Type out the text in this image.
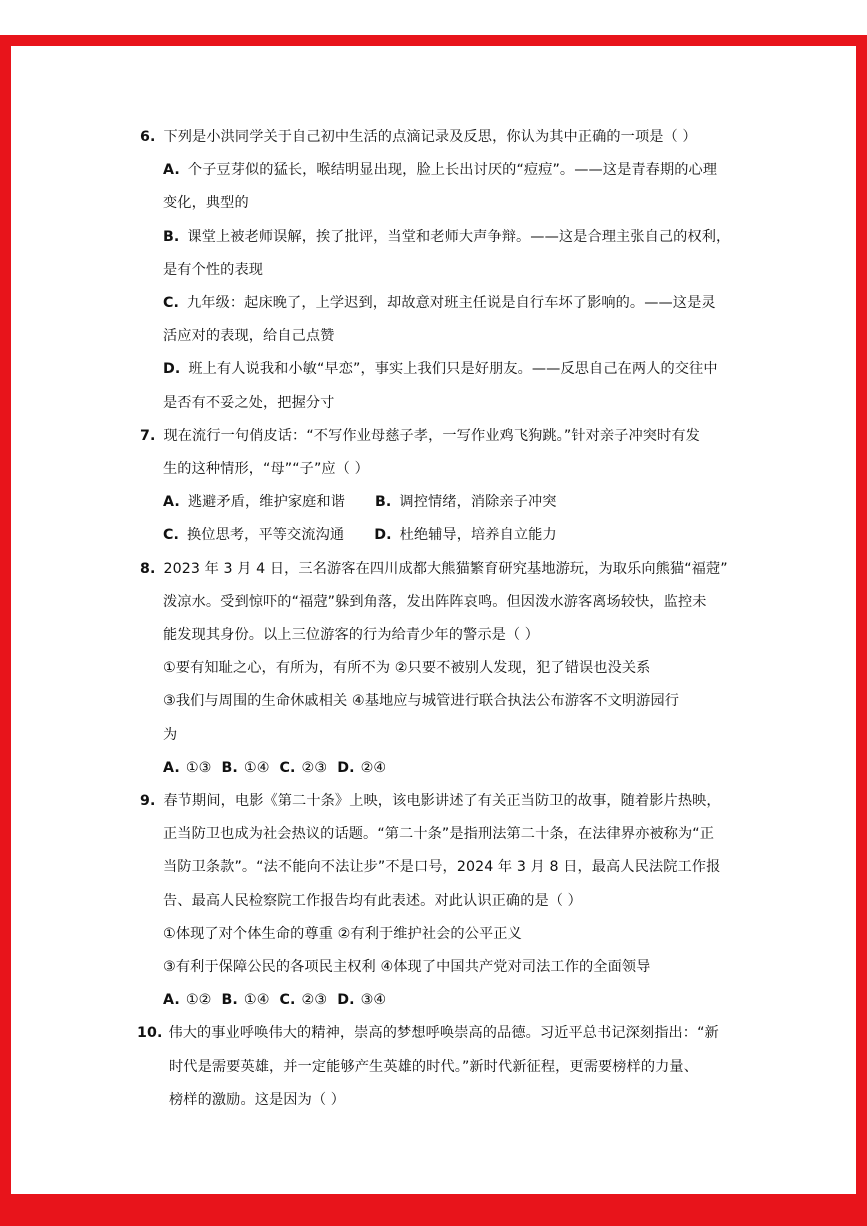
6. 下列是小洪同学关于自己初中生活的点滴记录及反思，你认为其中正确的一项是（ ）
A. 个子豆芽似的猛长，喉结明显出现，脸上长出讨厌的“痘痘”。——这是青春期的心理
变化，典型的
B. 课堂上被老师误解，挨了批评，当堂和老师大声争辩。——这是合理主张自己的权利，
是有个性的表现
C. 九年级：起床晚了，上学迟到，却故意对班主任说是自行车坏了影响的。——这是灵
活应对的表现，给自己点赞
D. 班上有人说我和小敏“早恋”，事实上我们只是好朋友。——反思自己在两人的交往中
是否有不妥之处，把握分寸
7. 现在流行一句俏皮话：“不写作业母慈子孝，一写作业鸡飞狗跳。”针对亲子冲突时有发
生的这种情形，“母”“子”应（ ）
A. 逃避矛盾，维护家庭和谐 B. 调控情绪，消除亲子冲突
C. 换位思考，平等交流沟通 D. 杜绝辅导，培养自立能力
8. 2023 年 3 月 4 日，三名游客在四川成都大熊猫繁育研究基地游玩，为取乐向熊猫“福蒄”
泼凉水。受到惊吓的“福蒄”躲到角落，发出阵阵哀鸣。但因泼水游客离场较快，监控未
能发现其身份。以上三位游客的行为给青少年的警示是（ ）
①要有知耻之心，有所为，有所不为 ②只要不被别人发现，犯了错误也没关系
③我们与周围的生命休戚相关 ④基地应与城管进行联合执法公布游客不文明游园行
为
A. ①③ B. ①④ C. ②③ D. ②④
9. 春节期间，电影《第二十条》上映，该电影讲述了有关正当防卫的故事，随着影片热映，
正当防卫也成为社会热议的话题。“第二十条”是指刑法第二十条，在法律界亦被称为“正
当防卫条款”。“法不能向不法让步”不是口号，2024 年 3 月 8 日，最高人民法院工作报
告、最高人民检察院工作报告均有此表述。对此认识正确的是（ ）
①体现了对个体生命的尊重 ②有利于维护社会的公平正义
③有利于保障公民的各项民主权利 ④体现了中国共产党对司法工作的全面领导
A. ①② B. ①④ C. ②③ D. ③④
10. 伟大的事业呼唤伟大的精神，崇高的梦想呼唤崇高的品德。习近平总书记深刻指出：“新
时代是需要英雄，并一定能够产生英雄的时代。”新时代新征程，更需要榜样的力量、
榜样的激励。这是因为（ ）
